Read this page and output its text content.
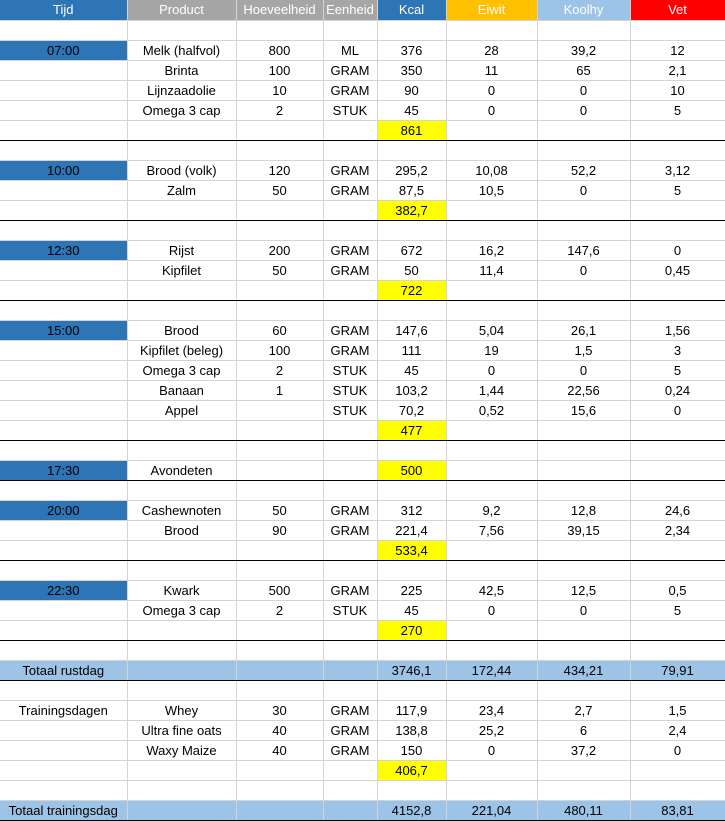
Tijd	Product	Hoeveelheid	Eenheid	Kcal	Eiwit	Koolhy	Vet

07:00	Melk (halfvol)	800	ML	376	28	39,2	12
	Brinta	100	GRAM	350	11	65	2,1
	Lijnzaadolie	10	GRAM	90	0	0	10
	Omega 3 cap	2	STUK	45	0	0	5
				861			

10:00	Brood (volk)	120	GRAM	295,2	10,08	52,2	3,12
	Zalm	50	GRAM	87,5	10,5	0	5
				382,7			

12:30	Rijst	200	GRAM	672	16,2	147,6	0
	Kipfilet	50	GRAM	50	11,4	0	0,45
				722			

15:00	Brood	60	GRAM	147,6	5,04	26,1	1,56
	Kipfilet (beleg)	100	GRAM	111	19	1,5	3
	Omega 3 cap	2	STUK	45	0	0	5
	Banaan	1	STUK	103,2	1,44	22,56	0,24
	Appel		STUK	70,2	0,52	15,6	0
				477			

17:30	Avondeten			500			

20:00	Cashewnoten	50	GRAM	312	9,2	12,8	24,6
	Brood	90	GRAM	221,4	7,56	39,15	2,34
				533,4			

22:30	Kwark	500	GRAM	225	42,5	12,5	0,5
	Omega 3 cap	2	STUK	45	0	0	5
				270			

Totaal rustdag				3746,1	172,44	434,21	79,91

Trainingsdagen	Whey	30	GRAM	117,9	23,4	2,7	1,5
	Ultra fine oats	40	GRAM	138,8	25,2	6	2,4
	Waxy Maize	40	GRAM	150	0	37,2	0
				406,7			

Totaal trainingsdag				4152,8	221,04	480,11	83,81
